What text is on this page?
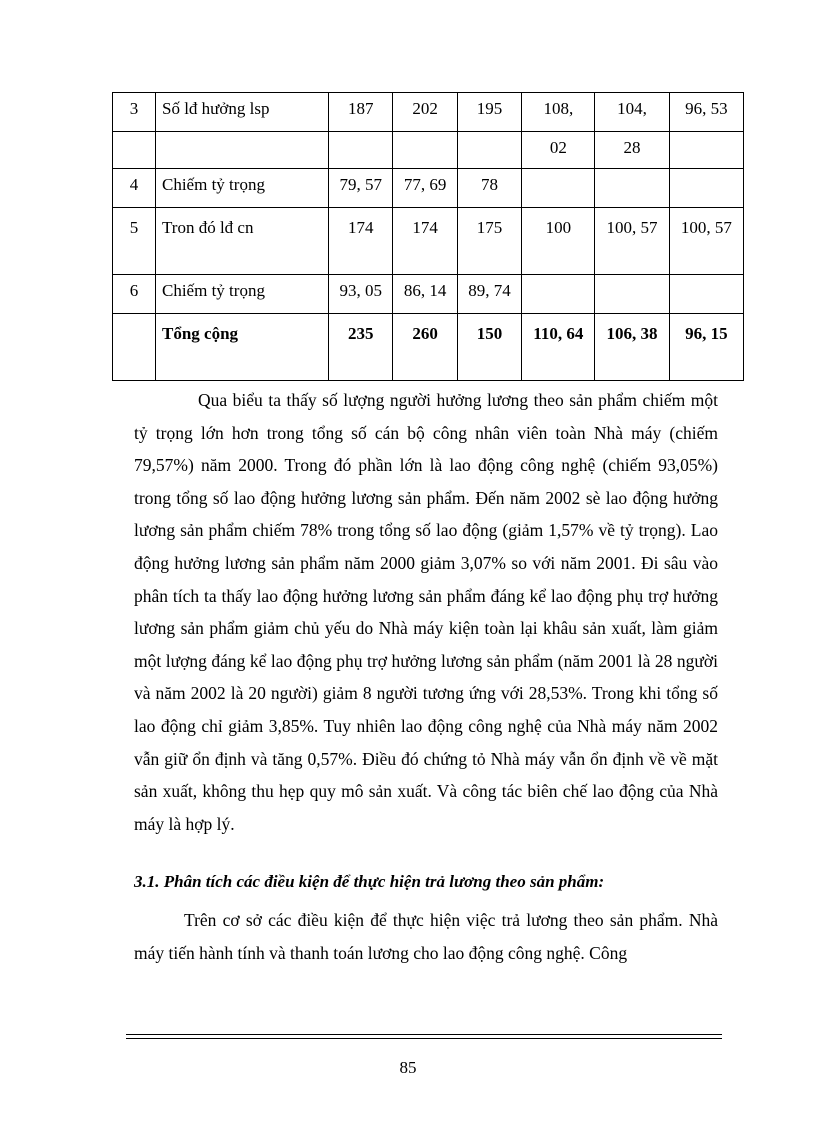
3	Số lđ hưởng lsp	187	202	195	108,	104,	96, 53
					02	28	
4	Chiếm tỷ trọng	79, 57	77, 69	78			
5	Tron đó lđ cn	174	174	175	100	100, 57	100, 57
6	Chiếm tỷ trọng	93, 05	86, 14	89, 74			
	Tổng cộng	235	260	150	110, 64	106, 38	96, 15

Qua biểu ta thấy số lượng người hưởng lương theo sản phẩm chiếm một tỷ trọng lớn hơn trong tổng số cán bộ công nhân viên toàn Nhà máy (chiếm 79,57%) năm 2000. Trong đó phần lớn là lao động công nghệ (chiếm 93,05%) trong tổng số lao động hưởng lương sản phẩm. Đến năm 2002 sè lao động hưởng lương sản phẩm chiếm 78% trong tổng số lao động (giảm 1,57% về tỷ trọng). Lao động hưởng lương sản phẩm năm 2000 giảm 3,07% so với năm 2001. Đi sâu vào phân tích ta thấy lao động hưởng lương sản phẩm đáng kể lao động phụ trợ hưởng lương sản phẩm giảm chủ yếu do Nhà máy kiện toàn lại khâu sản xuất, làm giảm một lượng đáng kể lao động phụ trợ hưởng lương sản phẩm (năm 2001 là 28 người và năm 2002 là 20 người) giảm 8 người tương ứng với 28,53%. Trong khi tổng số lao động chỉ giảm 3,85%. Tuy nhiên lao động công nghệ của Nhà máy năm 2002 vẫn giữ ổn định và tăng 0,57%. Điều đó chứng tỏ Nhà máy vẫn ổn định về về mặt sản xuất, không thu hẹp quy mô sản xuất. Và công tác biên chế lao động của Nhà máy là hợp lý.

3.1. Phân tích các điều kiện để thực hiện trả lương theo sản phẩm:

Trên cơ sở các điều kiện để thực hiện việc trả lương theo sản phẩm. Nhà máy tiến hành tính và thanh toán lương cho lao động công nghệ. Công

85
